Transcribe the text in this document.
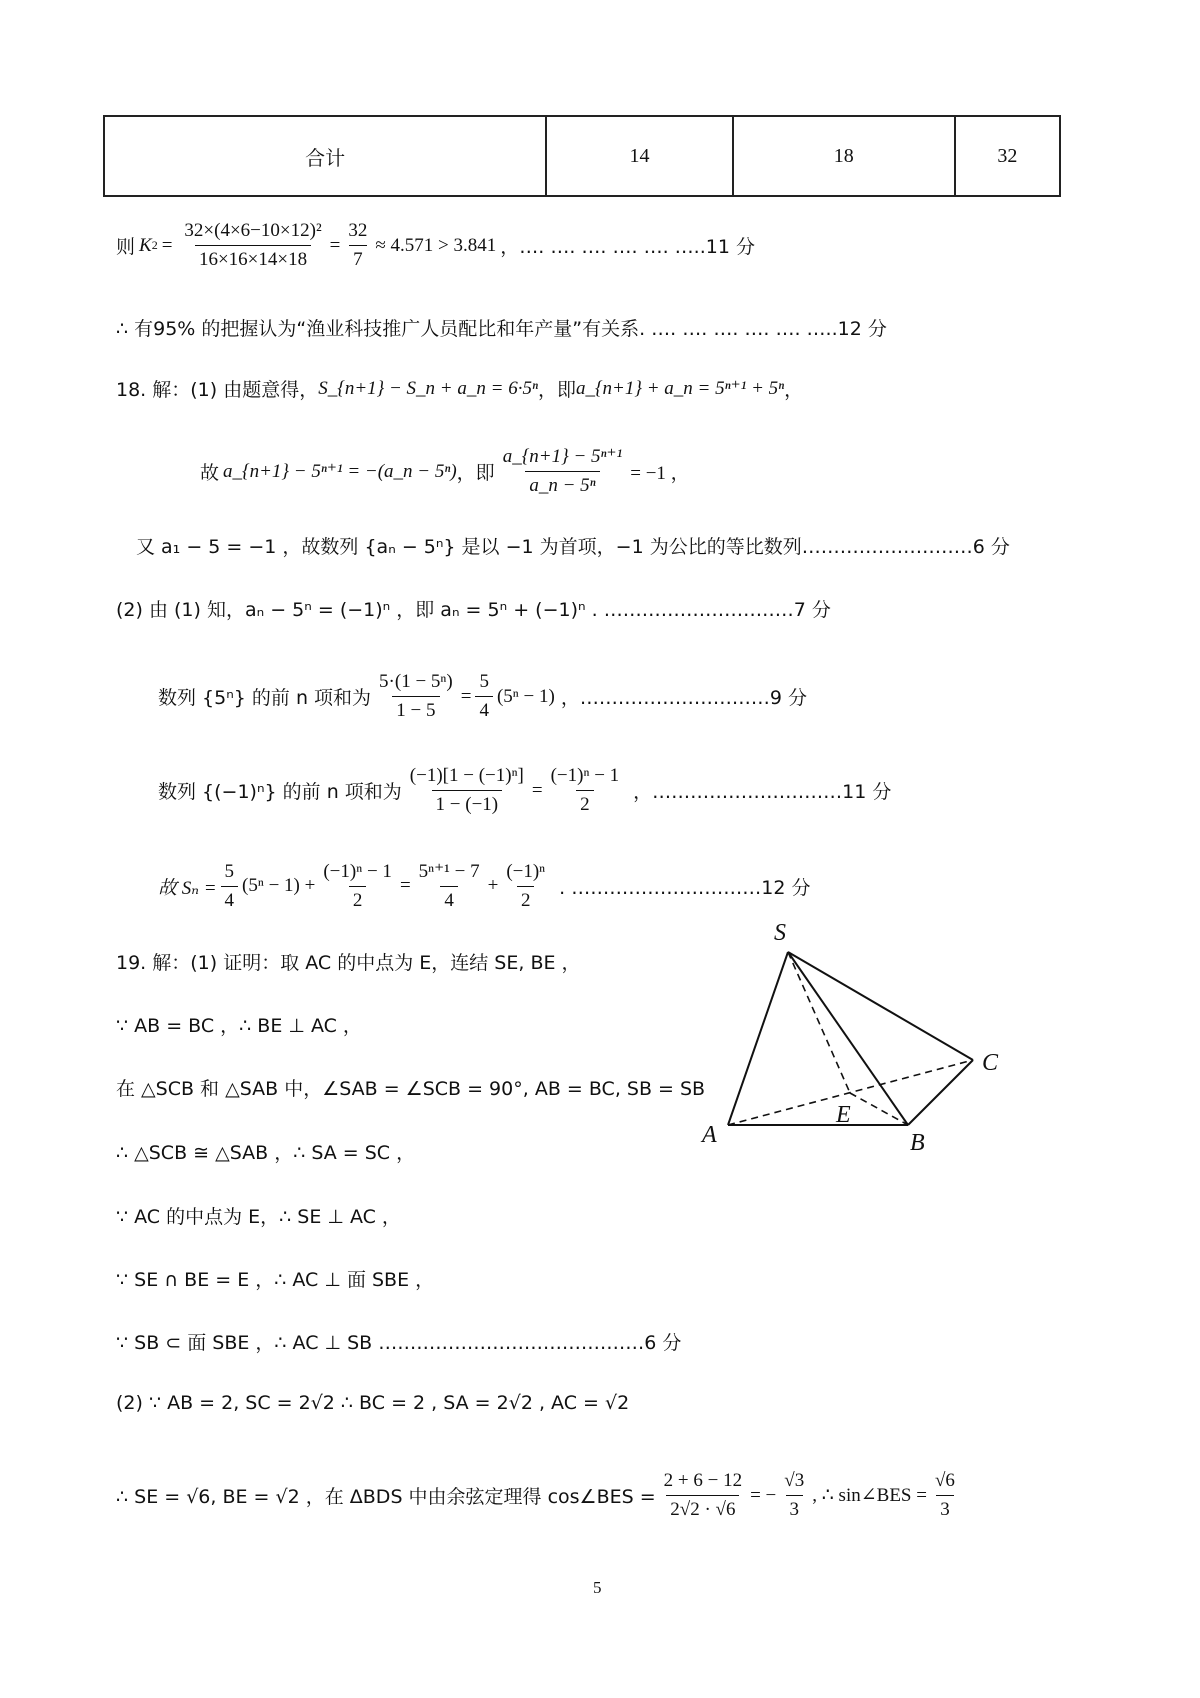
合计	14	18	32
则 K $2 = \frac{\text{32×(4×6−10×12)²}}{16\times 16\times 14\times 18} = \frac{32}{7} \approx 4.571 > 3.841$ ，…. …. …. …. …. …..11 分
∴ 有95% 的把握认为“渔业科技推广人员配比和年产量”有关系. …. …. …. …. …. …..12 分
18. 解：(1) 由题意得， S_{n+1} − S_n + a_n = 6·5ⁿ ，即 a_{n+1} + a_n = 5ⁿ⁺¹ + 5ⁿ ，
故 a_{n+1} − 5ⁿ⁺¹ = −(a_n − 5ⁿ) ，即 $\frac{\text{a\_\{n+1\} − 5ⁿ⁺¹}}{\text{a\_n − 5ⁿ}} = -1$ ，
又 a₁ − 5 = −1 ，故数列 {aₙ − 5ⁿ} 是以 −1 为首项，−1 为公比的等比数列………………………6 分
(2) 由 (1) 知，aₙ − 5ⁿ = (−1)ⁿ ，即 aₙ = 5ⁿ + (−1)ⁿ . …………………………7 分
数列 {5ⁿ} 的前 n 项和为 $\frac{\text{5·(1 − 5ⁿ)}}{1 - 5} = \frac{5}{4} (5^n - 1)$ ，…………………………9 分
数列 {(−1)ⁿ} 的前 n 项和为 $\frac{\text{(−1)[1 − (−1)ⁿ]}}{1 - (-1)} = \frac{\text{(−1)ⁿ − 1}}{2}$ ，…………………………11 分
故 $S_n = \frac{5}{4} (5^n - 1) + \frac{\text{(−1)ⁿ − 1}}{2} = \frac{\text{5ⁿ⁺¹ − 7}}{4} + \frac{\text{(−1)ⁿ}}{2}$ . …………………………12 分
19. 解：(1) 证明：取 AC 的中点为 E，连结 SE, BE ，
∵ AB = BC ，∴ BE ⊥ AC ，
在 △SCB 和 △SAB 中，∠SAB = ∠SCB = 90°, AB = BC, SB = SB
∴ △SCB ≅ △SAB ，∴ SA = SC ，
∵ AC 的中点为 E，∴ SE ⊥ AC ，
∵ SE ∩ BE = E ，∴ AC ⊥ 面 SBE ，
∵ SB ⊂ 面 SBE ，∴ AC ⊥ SB ……………………………………6 分
(2) ∵ AB = 2, SC = 2√2 ∴ BC = 2 , SA = 2√2 , AC = √2
∴ SE = √6, BE = √2 ，在 ΔBDS 中由余弦定理得 cos∠BES = $\frac{2 + 6 - 12}{2√2 \cdot √6}$ = − $\frac{√3}{3}$ , ∴ sin∠BES = $\frac{√6}{3}$
S
A	B
C
E
5
